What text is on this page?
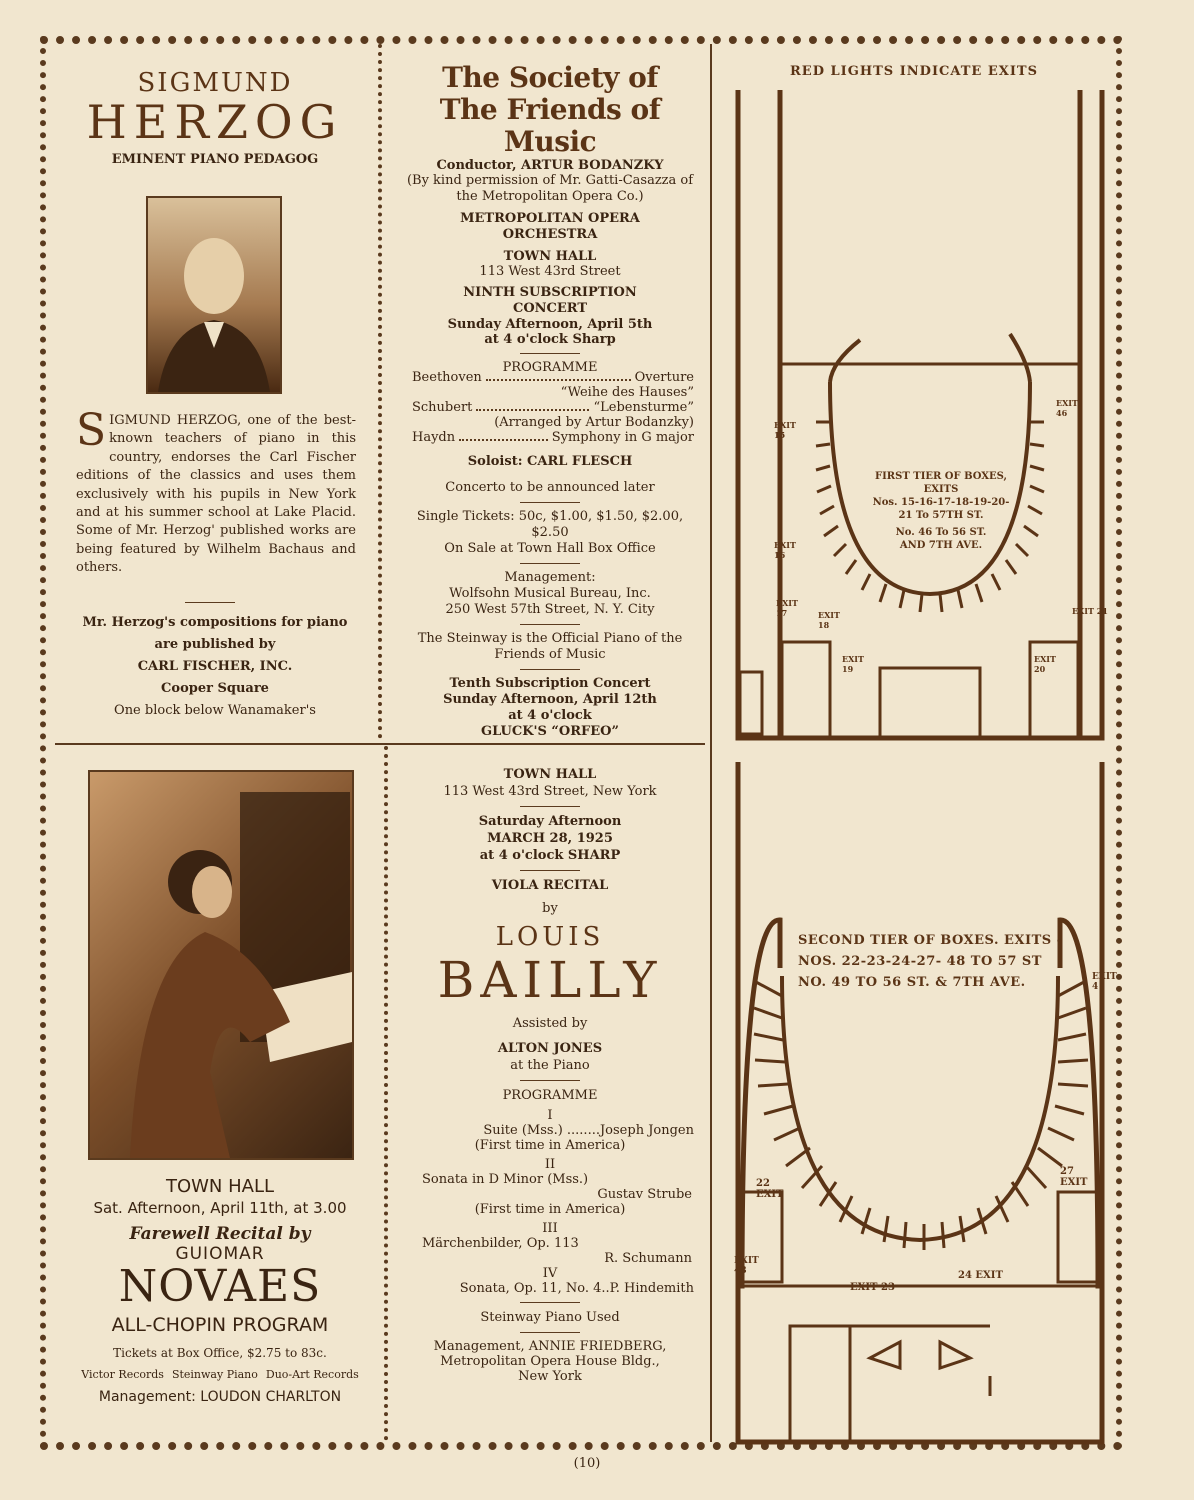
SIGMUND
HERZOG
EMINENT PIANO PEDAGOG
SIGMUND HERZOG, one of the best-known teachers of piano in this country, endorses the Carl Fischer editions of the classics and uses them exclusively with his pupils in New York and at his summer school at Lake Placid. Some of Mr. Herzog' published works are being featured by Wilhelm Bachaus and others.
Mr. Herzog's compositions for piano
are published by
CARL FISCHER, INC.
Cooper Square
One block below Wanamaker's
The Society of
The Friends of Music
Conductor, ARTUR BODANZKY
(By kind permission of Mr. Gatti-Casazza of the Metropolitan Opera Co.)
METROPOLITAN OPERA ORCHESTRA
TOWN HALL
113 West 43rd Street
NINTH SUBSCRIPTION CONCERT
Sunday Afternoon, April 5th
at 4 o'clock Sharp
PROGRAMME
Beethoven	Overture
“Weihe des Hauses”
Schubert	“Lebensturme”
(Arranged by Artur Bodanzky)
Haydn	Symphony in G major
Soloist: CARL FLESCH
Concerto to be announced later
Single Tickets: 50c, $1.00, $1.50, $2.00, $2.50
On Sale at Town Hall Box Office
Management:
Wolfsohn Musical Bureau, Inc.
250 West 57th Street, N. Y. City
The Steinway is the Official Piano of the Friends of Music
Tenth Subscription Concert
Sunday Afternoon, April 12th
at 4 o'clock
GLUCK'S “ORFEO”
TOWN HALL
Sat. Afternoon, April 11th, at 3.00
Farewell Recital by
GUIOMAR
NOVAES
ALL-CHOPIN PROGRAM
Tickets at Box Office, $2.75 to 83c.
Victor Records Steinway Piano Duo-Art Records
Management: LOUDON CHARLTON
TOWN HALL
113 West 43rd Street, New York
Saturday Afternoon
MARCH 28, 1925
at 4 o'clock SHARP
VIOLA RECITAL
by
LOUIS
BAILLY
Assisted by
ALTON JONES
at the Piano
PROGRAMME
I
Suite (Mss.) ........Joseph Jongen
(First time in America)
II
Sonata in D Minor (Mss.)
Gustav Strube
(First time in America)
III
Märchenbilder, Op. 113
R. Schumann
IV
Sonata, Op. 11, No. 4..P. Hindemith
Steinway Piano Used
Management, ANNIE FRIEDBERG,
Metropolitan Opera House Bldg.,
New York
RED LIGHTS INDICATE EXITS
FIRST TIER OF BOXES, EXITS
Nos. 15-16-17-18-19-20-
21 To 57TH ST.
No. 46 To 56 ST.
AND 7TH AVE.
EXIT 15
EXIT 16
EXIT 17	EXIT 18
EXIT 19
EXIT 20
EXIT 21
EXIT 46
SECOND TIER OF BOXES. EXITS -
NOS. 22-23-24-27- 48 TO 57 ST
NO. 49 TO 56 ST. & 7TH AVE.
22 EXIT
EXIT 48
EXIT 23
24 EXIT
27 EXIT
EXIT 4
(10)
